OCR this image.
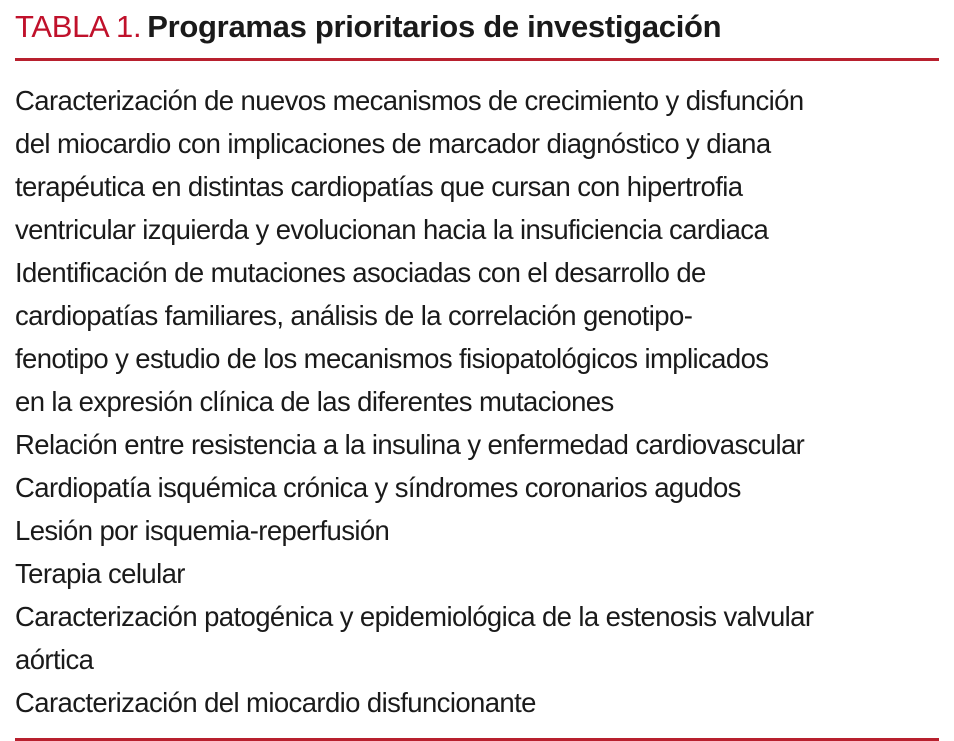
TABLA 1. Programas prioritarios de investigación
Caracterización de nuevos mecanismos de crecimiento y disfunción
del miocardio con implicaciones de marcador diagnóstico y diana
terapéutica en distintas cardiopatías que cursan con hipertrofia
ventricular izquierda y evolucionan hacia la insuficiencia cardiaca
Identificación de mutaciones asociadas con el desarrollo de
cardiopatías familiares, análisis de la correlación genotipo-
fenotipo y estudio de los mecanismos fisiopatológicos implicados
en la expresión clínica de las diferentes mutaciones
Relación entre resistencia a la insulina y enfermedad cardiovascular
Cardiopatía isquémica crónica y síndromes coronarios agudos
Lesión por isquemia-reperfusión
Terapia celular
Caracterización patogénica y epidemiológica de la estenosis valvular
aórtica
Caracterización del miocardio disfuncionante
